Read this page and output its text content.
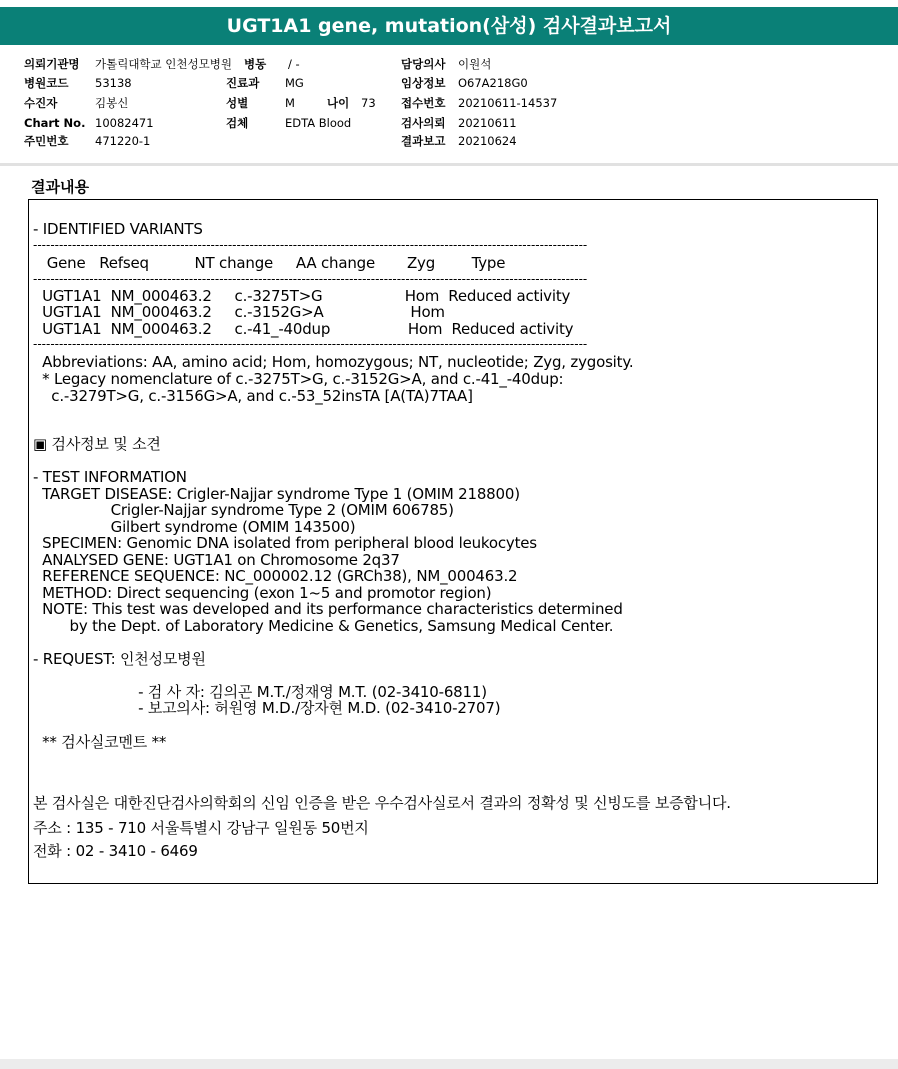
UGT1A1 gene, mutation(삼성) 검사결과보고서
의뢰기관명 가톨릭대학교 인천성모병원 병동 / -	담당의사 이원석
병원코드 53138	진료과 MG	임상정보 O67A218G0
수진자	김봉신	성별	M	나이 73 접수번호 20210611-14537
Chart No. 10082471	검체	EDTA Blood	검사의뢰 20210611
주민번호 471220-1	결과보고 20210624
결과내용
- IDENTIFIED VARIANTS
--------------------------------------------------------------------------------------------------------------------------------
Gene   Refseq          NT change     AA change       Zyg        Type
--------------------------------------------------------------------------------------------------------------------------------
UGT1A1  NM_000463.2     c.-3275T>G                  Hom  Reduced activity
UGT1A1  NM_000463.2     c.-3152G>A                   Hom
UGT1A1  NM_000463.2     c.-41_-40dup                 Hom  Reduced activity
--------------------------------------------------------------------------------------------------------------------------------
Abbreviations: AA, amino acid; Hom, homozygous; NT, nucleotide; Zyg, zygosity.
* Legacy nomenclature of c.-3275T>G, c.-3152G>A, and c.-41_-40dup:
c.-3279T>G, c.-3156G>A, and c.-53_52insTA [A(TA)7TAA]
▣ 검사정보 및 소견
- TEST INFORMATION
TARGET DISEASE: Crigler-Najjar syndrome Type 1 (OMIM 218800)
Crigler-Najjar syndrome Type 2 (OMIM 606785)
Gilbert syndrome (OMIM 143500)
SPECIMEN: Genomic DNA isolated from peripheral blood leukocytes
ANALYSED GENE: UGT1A1 on Chromosome 2q37
REFERENCE SEQUENCE: NC_000002.12 (GRCh38), NM_000463.2
METHOD: Direct sequencing (exon 1~5 and promotor region)
NOTE: This test was developed and its performance characteristics determined
by the Dept. of Laboratory Medicine & Genetics, Samsung Medical Center.
- REQUEST: 인천성모병원
- 검 사 자: 김의곤 M.T./정재영 M.T. (02-3410-6811)
- 보고의사: 허원영 M.D./장자현 M.D. (02-3410-2707)
** 검사실코멘트 **
본 검사실은 대한진단검사의학회의 신임 인증을 받은 우수검사실로서 결과의 정확성 및 신빙도를 보증합니다.
주소 : 135 - 710 서울특별시 강남구 일원동 50번지
전화 : 02 - 3410 - 6469
